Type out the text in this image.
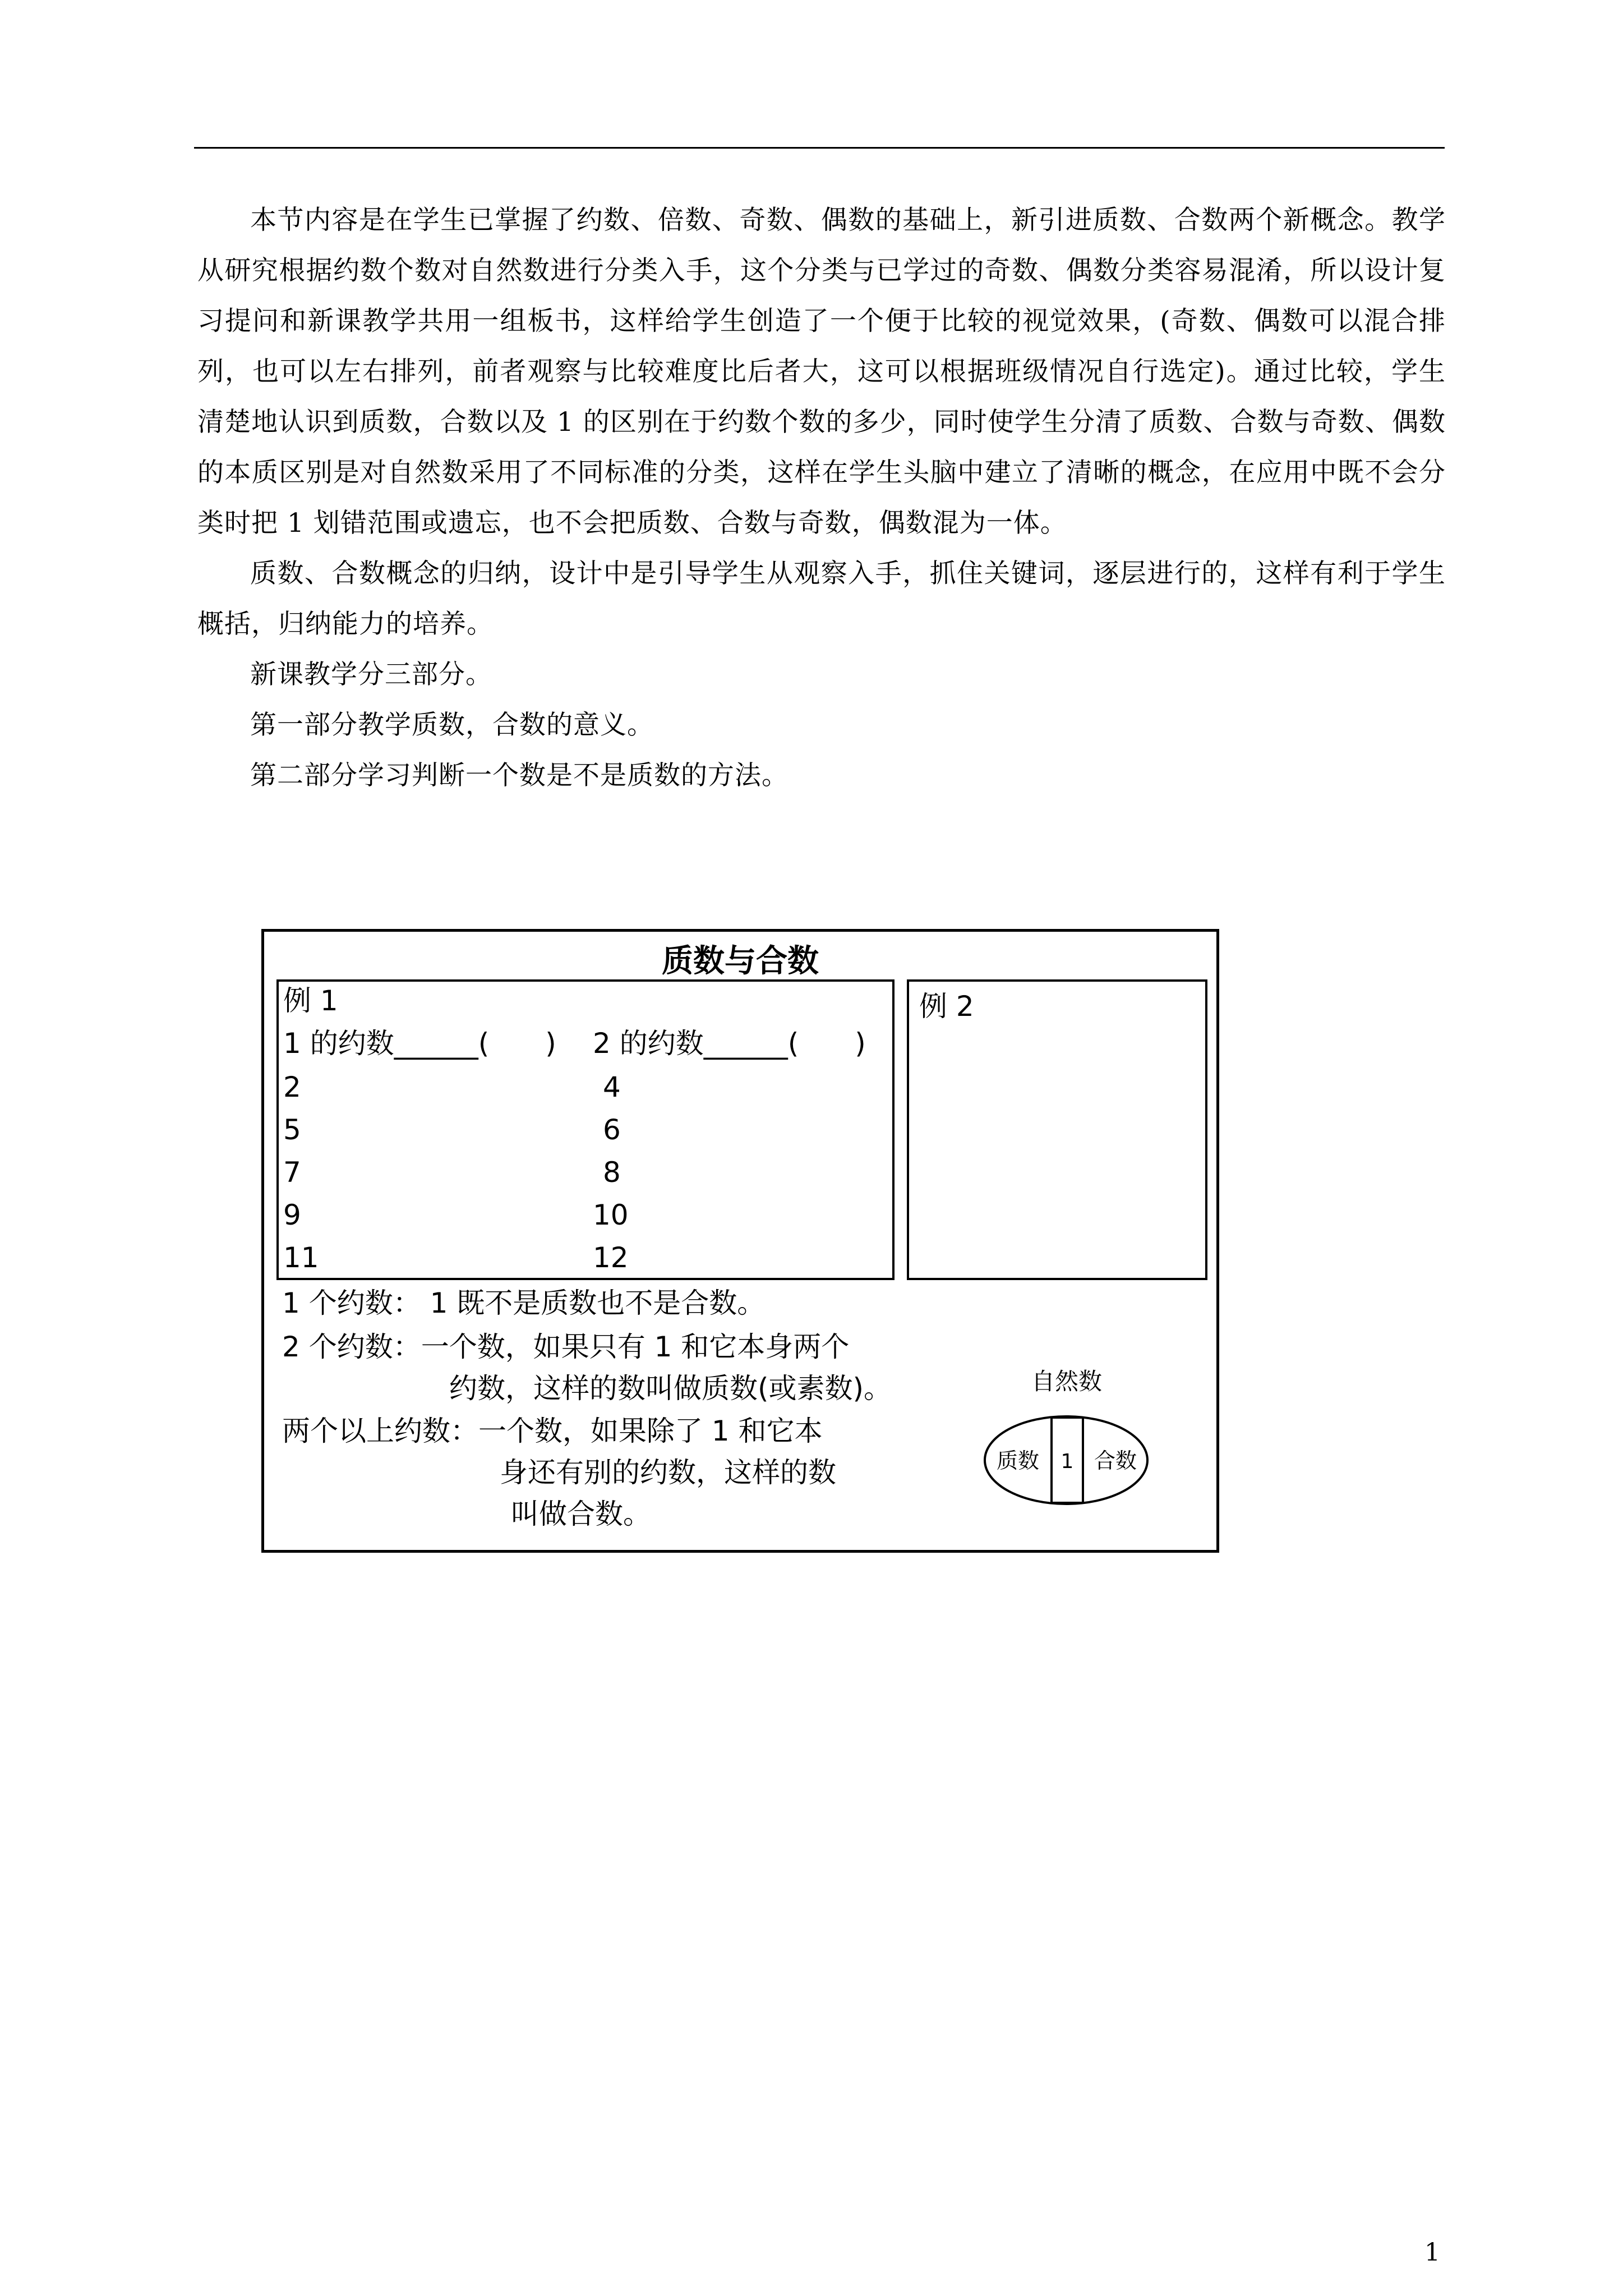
本节内容是在学生已掌握了约数、倍数、奇数、偶数的基础上，新引进质数、合数两个新概念。教学从研究根据约数个数对自然数进行分类入手，这个分类与已学过的奇数、偶数分类容易混淆，所以设计复习提问和新课教学共用一组板书，这样给学生创造了一个便于比较的视觉效果，(奇数、偶数可以混合排列，也可以左右排列，前者观察与比较难度比后者大，这可以根据班级情况自行选定)。通过比较，学生清楚地认识到质数，合数以及 1 的区别在于约数个数的多少，同时使学生分清了质数、合数与奇数、偶数的本质区别是对自然数采用了不同标准的分类，这样在学生头脑中建立了清晰的概念，在应用中既不会分类时把 1 划错范围或遗忘，也不会把质数、合数与奇数，偶数混为一体。

质数、合数概念的归纳，设计中是引导学生从观察入手，抓住关键词，逐层进行的，这样有利于学生概括，归纳能力的培养。

新课教学分三部分。

第一部分教学质数，合数的意义。

第二部分学习判断一个数是不是质数的方法。

质数与合数
例 1
1 的约数______(　　) 2 的约数______(　　)
2
5
7
9
11
4
6
8
10
12
例 2
1 个约数： 1 既不是质数也不是合数。
2 个约数：一个数，如果只有 1 和它本身两个
约数，这样的数叫做质数(或素数)。
两个以上约数：一个数，如果除了 1 和它本
身还有别的约数，这样的数
叫做合数。
自然数
质数 1 合数
1
